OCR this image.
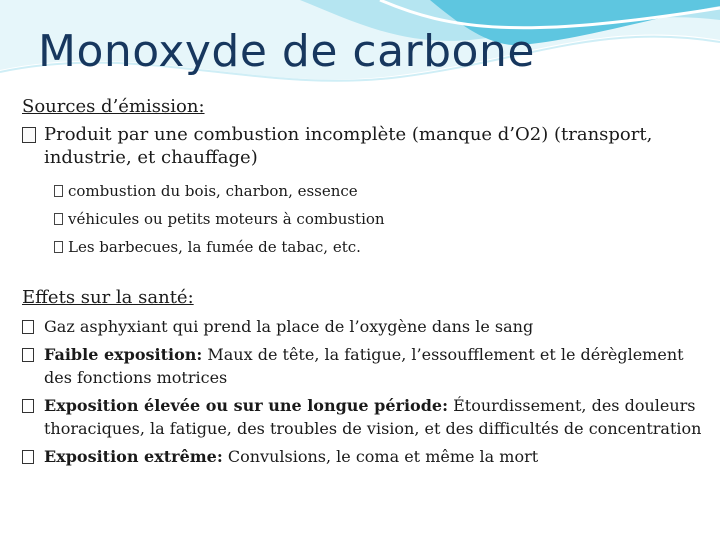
Monoxyde de carbone
Sources d’émission:
Produit par une combustion incomplète (manque d’O2) (transport, industrie, et chauffage)
combustion du bois, charbon, essence
véhicules ou petits moteurs à combustion
Les barbecues, la fumée de tabac, etc.
Effets sur la santé:
Gaz asphyxiant qui prend la place de l’oxygène dans le sang
Faible exposition: Maux de tête, la fatigue, l’essoufflement et le dérèglement des fonctions motrices
Exposition élevée ou sur une longue période: Étourdissement, des douleurs thoraciques, la fatigue, des troubles de vision, et des difficultés de concentration
Exposition extrême: Convulsions, le coma et même la mort
